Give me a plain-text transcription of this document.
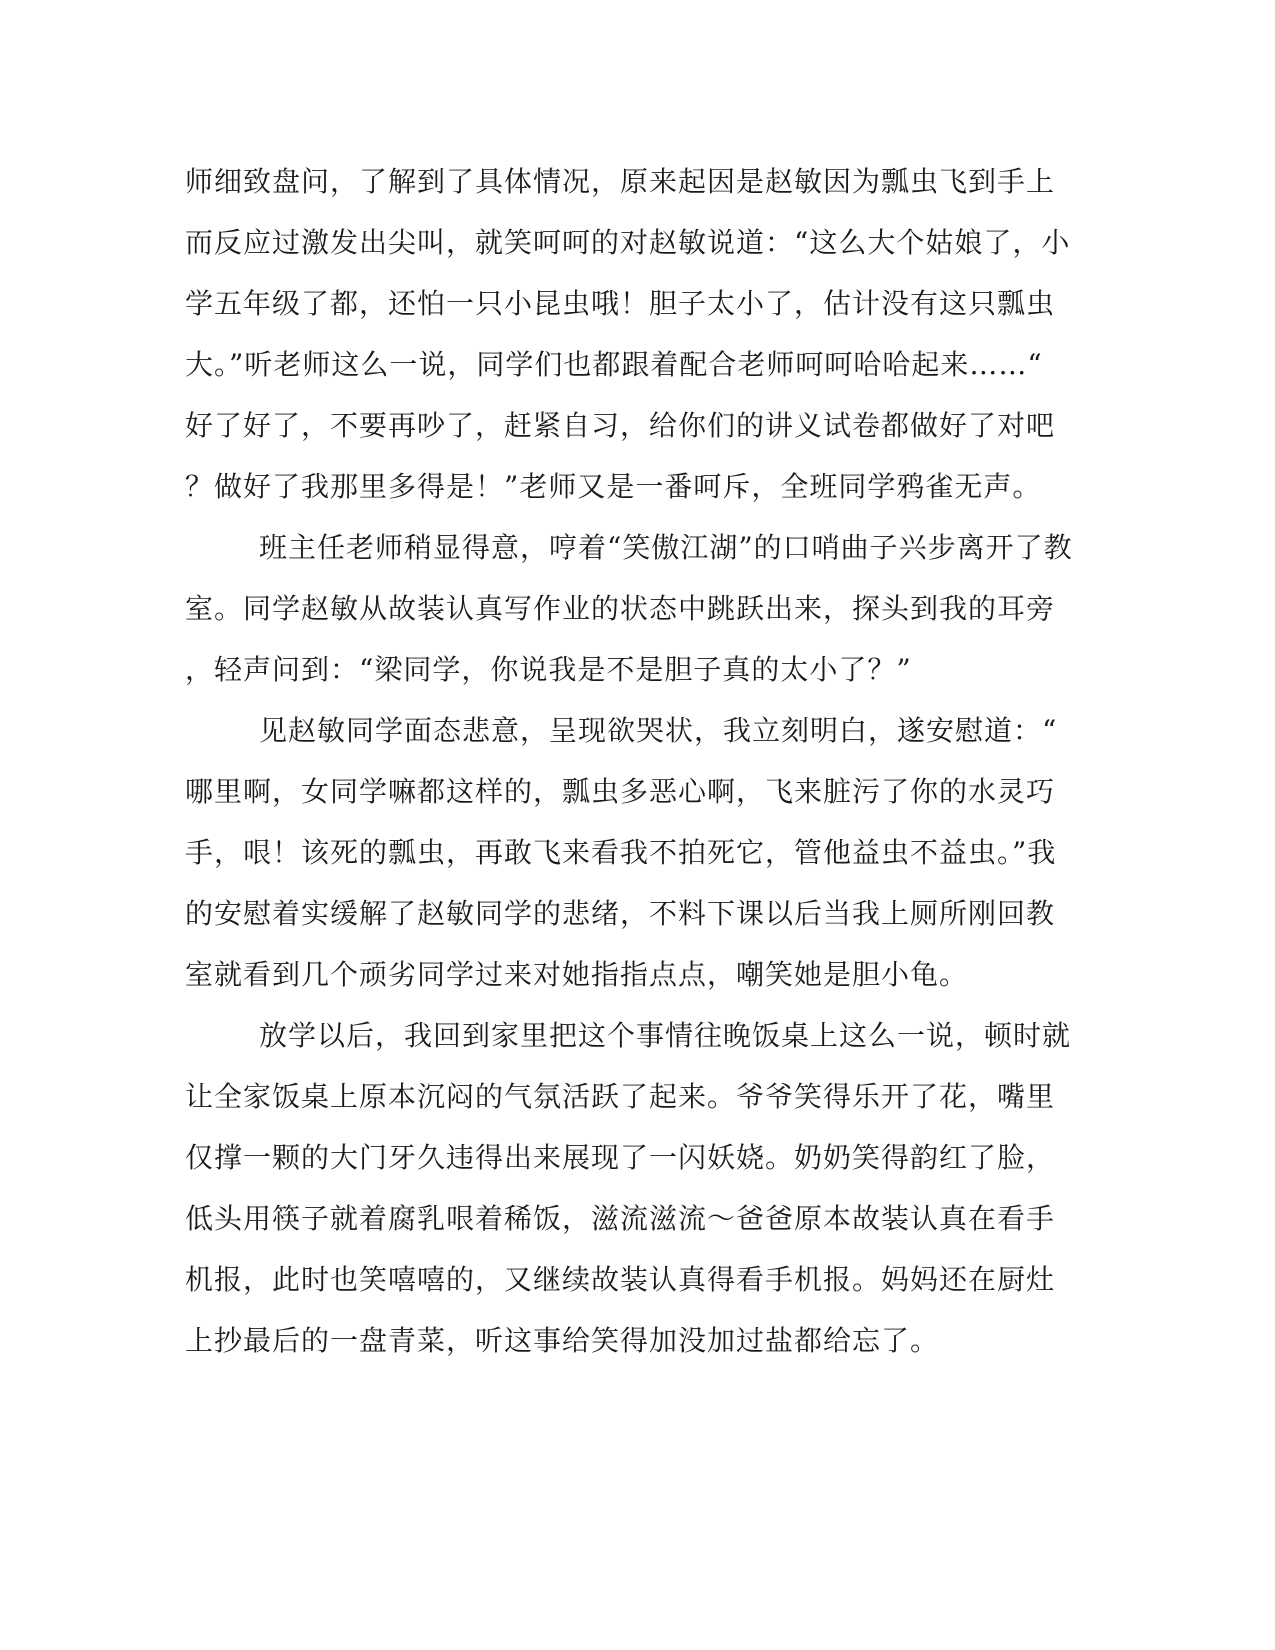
师细致盘问，了解到了具体情况，原来起因是赵敏因为瓢虫飞到手上
而反应过激发出尖叫，就笑呵呵的对赵敏说道：“这么大个姑娘了，小
学五年级了都，还怕一只小昆虫哦！胆子太小了，估计没有这只瓢虫
大。”听老师这么一说，同学们也都跟着配合老师呵呵哈哈起来……“
好了好了，不要再吵了，赶紧自习，给你们的讲义试卷都做好了对吧
？做好了我那里多得是！”老师又是一番呵斥，全班同学鸦雀无声。
班主任老师稍显得意，哼着“笑傲江湖”的口哨曲子兴步离开了教
室。同学赵敏从故装认真写作业的状态中跳跃出来，探头到我的耳旁
，轻声问到：“梁同学，你说我是不是胆子真的太小了？”
见赵敏同学面态悲意，呈现欲哭状，我立刻明白，遂安慰道：“
哪里啊，女同学嘛都这样的，瓢虫多恶心啊，飞来脏污了你的水灵巧
手，哏！该死的瓢虫，再敢飞来看我不拍死它，管他益虫不益虫。”我
的安慰着实缓解了赵敏同学的悲绪，不料下课以后当我上厕所刚回教
室就看到几个顽劣同学过来对她指指点点，嘲笑她是胆小龟。
放学以后，我回到家里把这个事情往晚饭桌上这么一说，顿时就
让全家饭桌上原本沉闷的气氛活跃了起来。爷爷笑得乐开了花，嘴里
仅撑一颗的大门牙久违得出来展现了一闪妖娆。奶奶笑得韵红了脸，
低头用筷子就着腐乳哏着稀饭，滋流滋流～爸爸原本故装认真在看手
机报，此时也笑嘻嘻的，又继续故装认真得看手机报。妈妈还在厨灶
上抄最后的一盘青菜，听这事给笑得加没加过盐都给忘了。
